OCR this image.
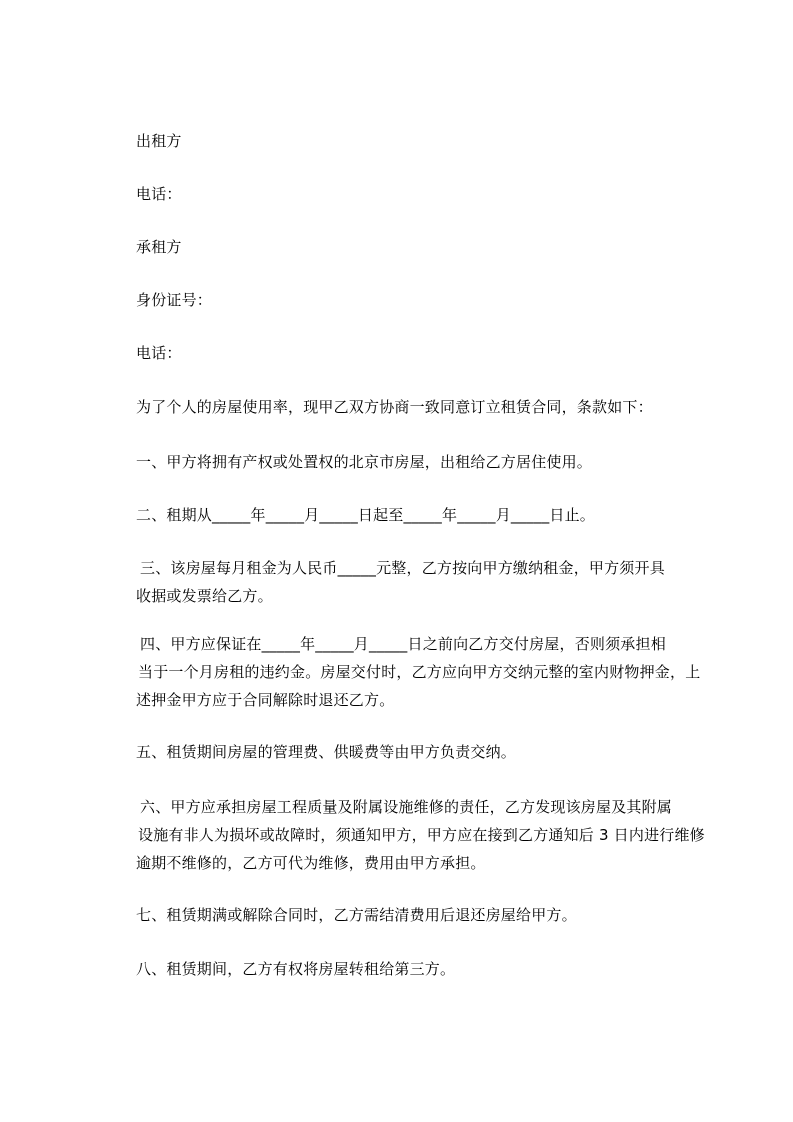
出租方
电话：
承租方
身份证号：
电话：
为了个人的房屋使用率，现甲乙双方协商一致同意订立租赁合同，条款如下：
一、甲方将拥有产权或处置权的北京市房屋，出租给乙方居住使用。
二、租期从_____年_____月_____日起至_____年_____月_____日止。
三、该房屋每月租金为人民币_____元整，乙方按向甲方缴纳租金，甲方须开具
收据或发票给乙方。
四、甲方应保证在_____年_____月_____日之前向乙方交付房屋，否则须承担相
当于一个月房租的违约金。房屋交付时，乙方应向甲方交纳元整的室内财物押金，上
述押金甲方应于合同解除时退还乙方。
五、租赁期间房屋的管理费、供暖费等由甲方负责交纳。
六、甲方应承担房屋工程质量及附属设施维修的责任，乙方发现该房屋及其附属
设施有非人为损坏或故障时，须通知甲方，甲方应在接到乙方通知后 3 日内进行维修
逾期不维修的，乙方可代为维修，费用由甲方承担。
七、租赁期满或解除合同时，乙方需结清费用后退还房屋给甲方。
八、租赁期间，乙方有权将房屋转租给第三方。
